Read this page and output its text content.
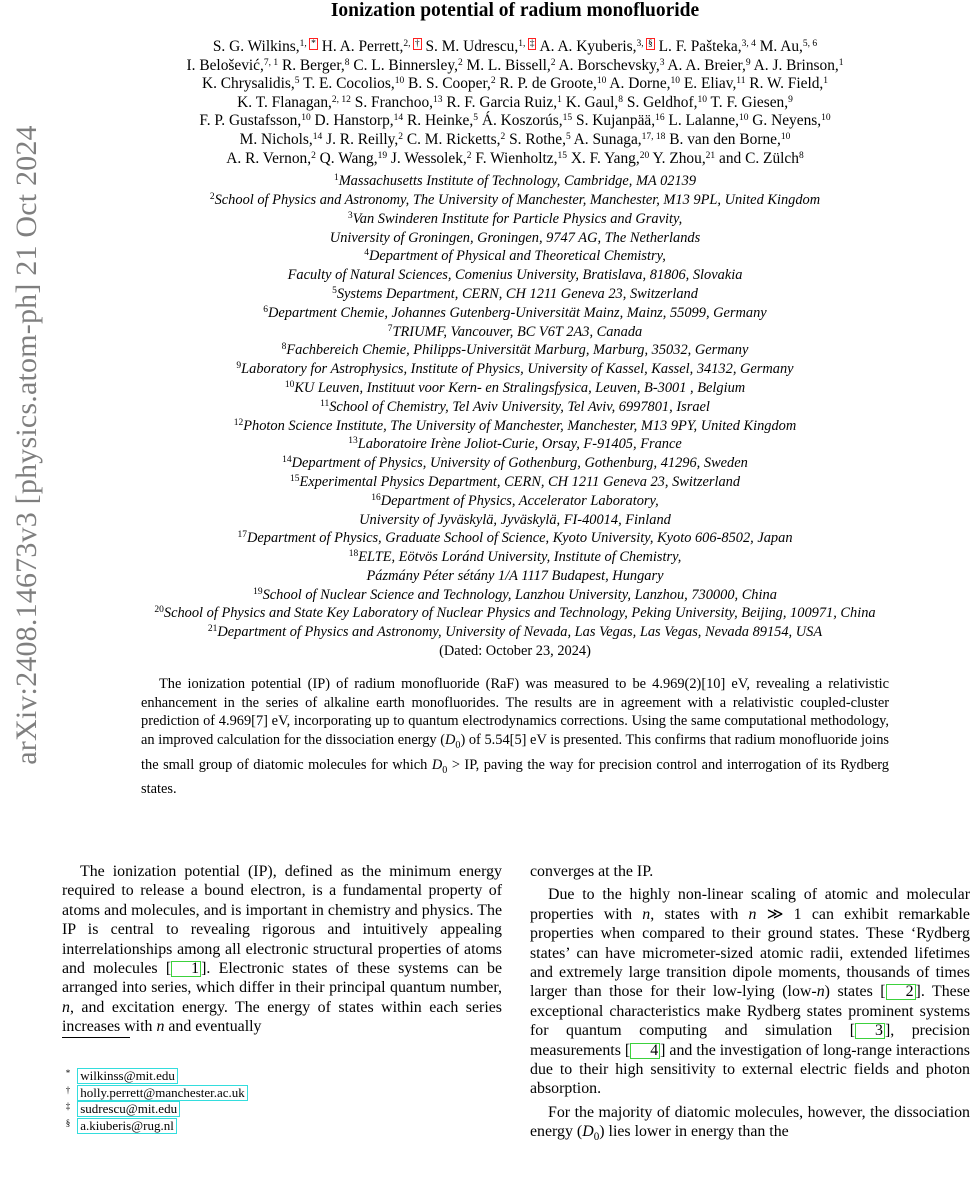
arXiv:2408.14673v3 [physics.atom-ph] 21 Oct 2024
Ionization potential of radium monofluoride
S. G. Wilkins,$^{1, *}$ H. A. Perrett,$^{2, \dagger}$ S. M. Udrescu,$^{1, \ddagger}$ A. A. Kyuberis,$^{3, \S}$ L. F. Pašteka,$^{3, 4}$ M. Au,$^{5, 6}$
I. Belošević,$^{7, 1}$ R. Berger,$^8$ C. L. Binnersley,$^2$ M. L. Bissell,$^2$ A. Borschevsky,$^3$ A. A. Breier,$^9$ A. J. Brinson,$^1$
K. Chrysalidis,$^5$ T. E. Cocolios,$^{10}$ B. S. Cooper,$^2$ R. P. de Groote,$^{10}$ A. Dorne,$^{10}$ E. Eliav,$^{11}$ R. W. Field,$^1$
K. T. Flanagan,$^{2, 12}$ S. Franchoo,$^{13}$ R. F. Garcia Ruiz,$^1$ K. Gaul,$^8$ S. Geldhof,$^{10}$ T. F. Giesen,$^9$
F. P. Gustafsson,$^{10}$ D. Hanstorp,$^{14}$ R. Heinke,$^5$ Á. Koszorús,$^{15}$ S. Kujanpää,$^{16}$ L. Lalanne,$^{10}$ G. Neyens,$^{10}$
M. Nichols,$^{14}$ J. R. Reilly,$^2$ C. M. Ricketts,$^2$ S. Rothe,$^5$ A. Sunaga,$^{17, 18}$ B. van den Borne,$^{10}$
A. R. Vernon,$^2$ Q. Wang,$^{19}$ J. Wessolek,$^2$ F. Wienholtz,$^{15}$ X. F. Yang,$^{20}$ Y. Zhou,$^{21}$ and C. Zülch$^8$
$^1$Massachusetts Institute of Technology, Cambridge, MA 02139
$^2$School of Physics and Astronomy, The University of Manchester, Manchester, M13 9PL, United Kingdom
$^3$Van Swinderen Institute for Particle Physics and Gravity,
University of Groningen, Groningen, 9747 AG, The Netherlands
$^4$Department of Physical and Theoretical Chemistry,
Faculty of Natural Sciences, Comenius University, Bratislava, 81806, Slovakia
$^5$Systems Department, CERN, CH 1211 Geneva 23, Switzerland
$^6$Department Chemie, Johannes Gutenberg-Universität Mainz, Mainz, 55099, Germany
$^7$TRIUMF, Vancouver, BC V6T 2A3, Canada
$^8$Fachbereich Chemie, Philipps-Universität Marburg, Marburg, 35032, Germany
$^9$Laboratory for Astrophysics, Institute of Physics, University of Kassel, Kassel, 34132, Germany
$^{10}$KU Leuven, Instituut voor Kern- en Stralingsfysica, Leuven, B-3001 , Belgium
$^{11}$School of Chemistry, Tel Aviv University, Tel Aviv, 6997801, Israel
$^{12}$Photon Science Institute, The University of Manchester, Manchester, M13 9PY, United Kingdom
$^{13}$Laboratoire Irène Joliot-Curie, Orsay, F-91405, France
$^{14}$Department of Physics, University of Gothenburg, Gothenburg, 41296, Sweden
$^{15}$Experimental Physics Department, CERN, CH 1211 Geneva 23, Switzerland
$^{16}$Department of Physics, Accelerator Laboratory,
University of Jyväskylä, Jyväskylä, FI-40014, Finland
$^{17}$Department of Physics, Graduate School of Science, Kyoto University, Kyoto 606-8502, Japan
$^{18}$ELTE, Eötvös Loránd University, Institute of Chemistry,
Pázmány Péter sétány 1/A 1117 Budapest, Hungary
$^{19}$School of Nuclear Science and Technology, Lanzhou University, Lanzhou, 730000, China
$^{20}$School of Physics and State Key Laboratory of Nuclear Physics and Technology, Peking University, Beijing, 100971, China
$^{21}$Department of Physics and Astronomy, University of Nevada, Las Vegas, Las Vegas, Nevada 89154, USA
(Dated: October 23, 2024)
The ionization potential (IP) of radium monofluoride (RaF) was measured to be 4.969(2)[10] eV, revealing a relativistic enhancement in the series of alkaline earth monofluorides. The results are in agreement with a relativistic coupled-cluster prediction of 4.969[7] eV, incorporating up to quantum electrodynamics corrections. Using the same computational methodology, an improved calculation for the dissociation energy $(D_0)$ of 5.54[5] eV is presented. This confirms that radium monofluoride joins the small group of diatomic molecules for which $D_0$ > IP, paving the way for precision control and interrogation of its Rydberg states.

The ionization potential (IP), defined as the minimum energy required to release a bound electron, is a fundamental property of atoms and molecules, and is important in chemistry and physics. The IP is central to revealing rigorous and intuitively appealing interrelationships among all electronic structural properties of atoms and molecules [ 1 ]. Electronic states of these systems can be arranged into series, which differ in their principal quantum number, n, and excitation energy. The energy of states within each series increases with n and eventually

converges at the IP.

Due to the highly non-linear scaling of atomic and molecular properties with n, states with n ≫ 1 can exhibit remarkable properties when compared to their ground states. These ‘Rydberg states’ can have micrometer-sized atomic radii, extended lifetimes and extremely large transition dipole moments, thousands of times larger than those for their low-lying (low-n) states [ 2 ]. These exceptional characteristics make Rydberg states prominent systems for quantum computing and simulation [ 3 ], precision measurements [ 4 ] and the investigation of long-range interactions due to their high sensitivity to external electric fields and photon absorption.

For the majority of diatomic molecules, however, the dissociation energy $(D_0)$ lies lower in energy than the

* wilkinss@mit.edu
† holly.perrett@manchester.ac.uk
‡ sudrescu@mit.edu
§ a.kiuberis@rug.nl
